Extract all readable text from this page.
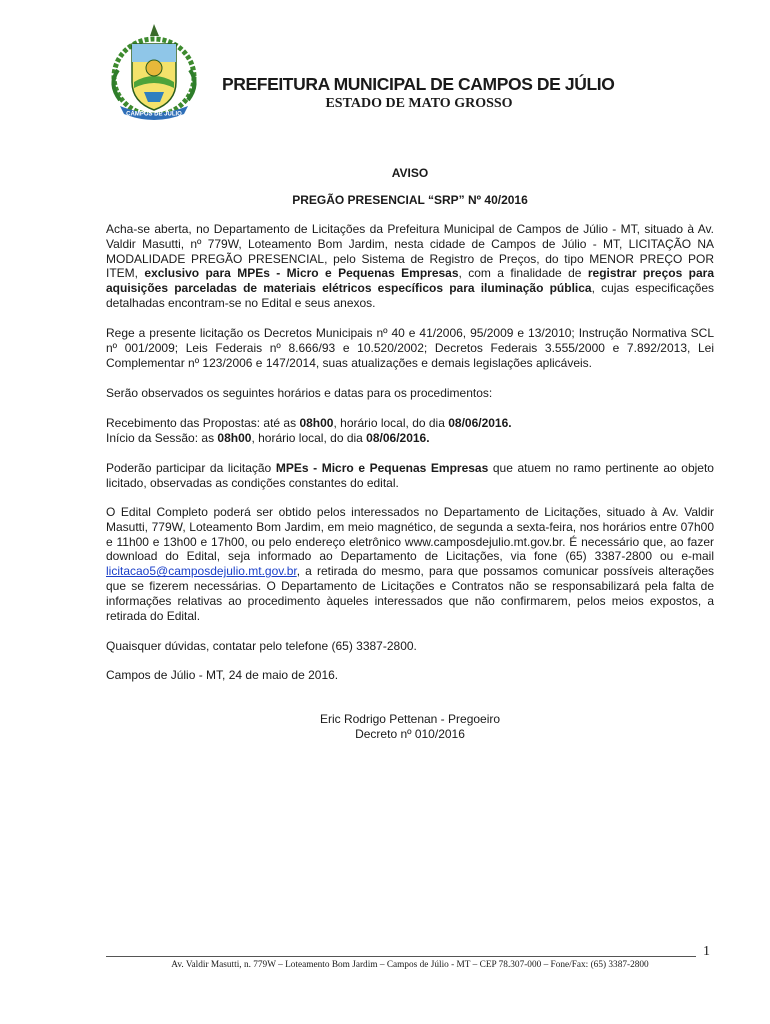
CAMPOS DE JÚLIO
PREFEITURA MUNICIPAL DE CAMPOS DE JÚLIO
ESTADO DE MATO GROSSO
AVISO
PREGÃO PRESENCIAL “SRP” Nº 40/2016
Acha-se aberta, no Departamento de Licitações da Prefeitura Municipal de Campos de Júlio - MT, situado à Av. Valdir Masutti, nº 779W, Loteamento Bom Jardim, nesta cidade de Campos de Júlio - MT, LICITAÇÃO NA MODALIDADE PREGÃO PRESENCIAL, pelo Sistema de Registro de Preços, do tipo MENOR PREÇO POR ITEM, exclusivo para MPEs - Micro e Pequenas Empresas, com a finalidade de registrar preços para aquisições parceladas de materiais elétricos específicos para iluminação pública, cujas especificações detalhadas encontram-se no Edital e seus anexos.
Rege a presente licitação os Decretos Municipais nº 40 e 41/2006, 95/2009 e 13/2010; Instrução Normativa SCL nº 001/2009; Leis Federais nº 8.666/93 e 10.520/2002; Decretos Federais 3.555/2000 e 7.892/2013, Lei Complementar nº 123/2006 e 147/2014, suas atualizações e demais legislações aplicáveis.
Serão observados os seguintes horários e datas para os procedimentos:
Recebimento das Propostas: até as 08h00, horário local, do dia 08/06/2016.
Início da Sessão: as 08h00, horário local, do dia 08/06/2016.
Poderão participar da licitação MPEs - Micro e Pequenas Empresas que atuem no ramo pertinente ao objeto licitado, observadas as condições constantes do edital.
O Edital Completo poderá ser obtido pelos interessados no Departamento de Licitações, situado à Av. Valdir Masutti, 779W, Loteamento Bom Jardim, em meio magnético, de segunda a sexta-feira, nos horários entre 07h00 e 11h00 e 13h00 e 17h00, ou pelo endereço eletrônico www.camposdejulio.mt.gov.br. É necessário que, ao fazer download do Edital, seja informado ao Departamento de Licitações, via fone (65) 3387-2800 ou e-mail licitacao5@camposdejulio.mt.gov.br, a retirada do mesmo, para que possamos comunicar possíveis alterações que se fizerem necessárias. O Departamento de Licitações e Contratos não se responsabilizará pela falta de informações relativas ao procedimento àqueles interessados que não confirmarem, pelos meios expostos, a retirada do Edital.
Quaisquer dúvidas, contatar pelo telefone (65) 3387-2800.
Campos de Júlio - MT, 24 de maio de 2016.
Eric Rodrigo Pettenan - Pregoeiro
Decreto nº 010/2016
Av. Valdir Masutti, n. 779W – Loteamento Bom Jardim – Campos de Júlio - MT – CEP 78.307-000 – Fone/Fax: (65) 3387-2800
1
